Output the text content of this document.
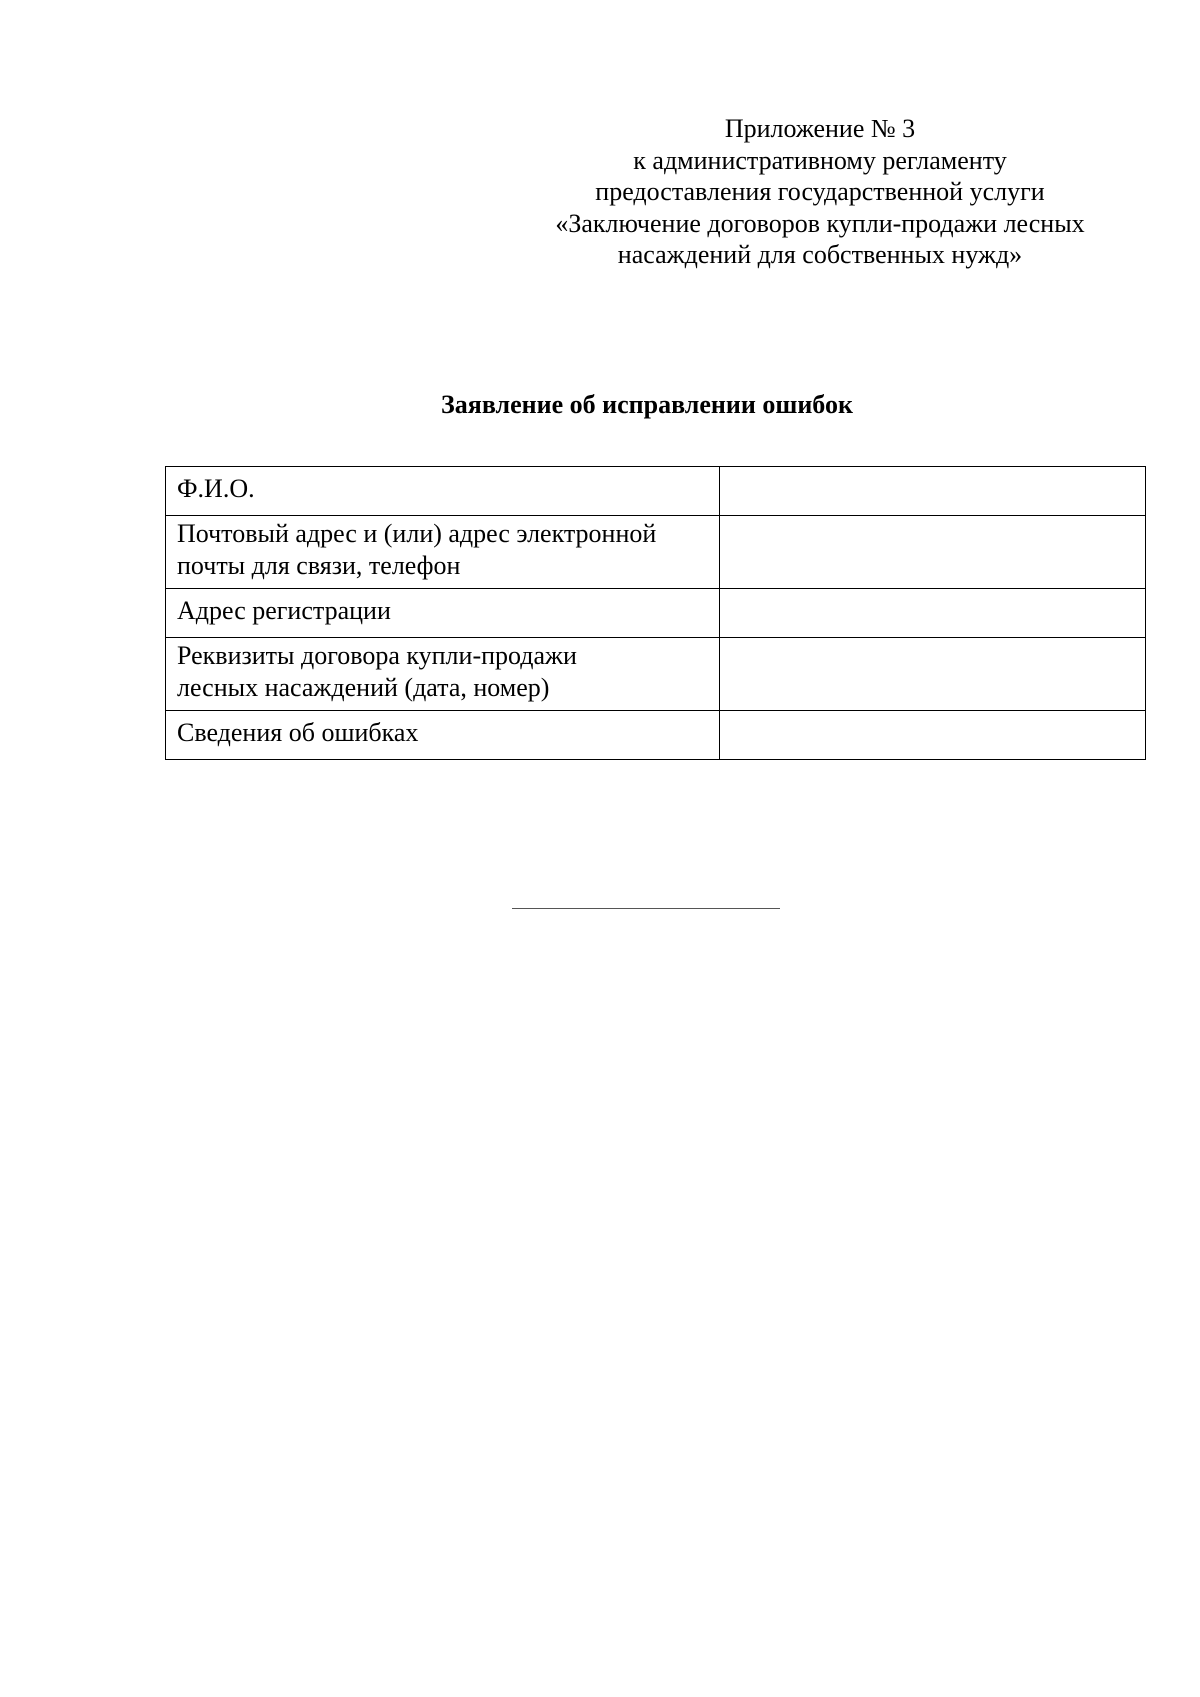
Приложение № 3
к административному регламенту
предоставления государственной услуги
«Заключение договоров купли-продажи лесных
насаждений для собственных нужд»
Заявление об исправлении ошибок
Ф.И.О.	

Почтовый адрес и (или) адрес электронной
почты для связи, телефон	

Адрес регистрации	

Реквизиты договора купли-продажи
лесных насаждений (дата, номер)	

Сведения об ошибках	
